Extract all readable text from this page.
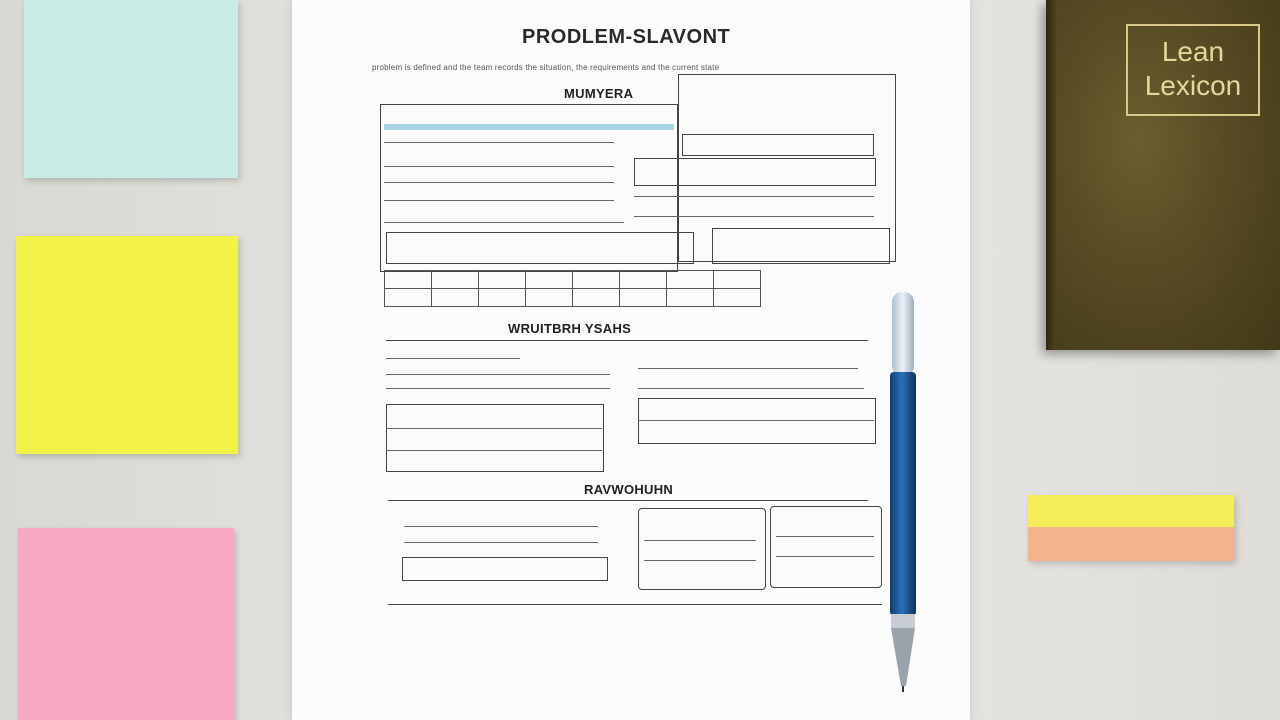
PRODLEM-SLAVONT
problem is defined and the team records the situation, the requirements and the current state
MUMYERA

WRUITBRH YSAHS
RAVWOHUHN
Lean
Lexicon
